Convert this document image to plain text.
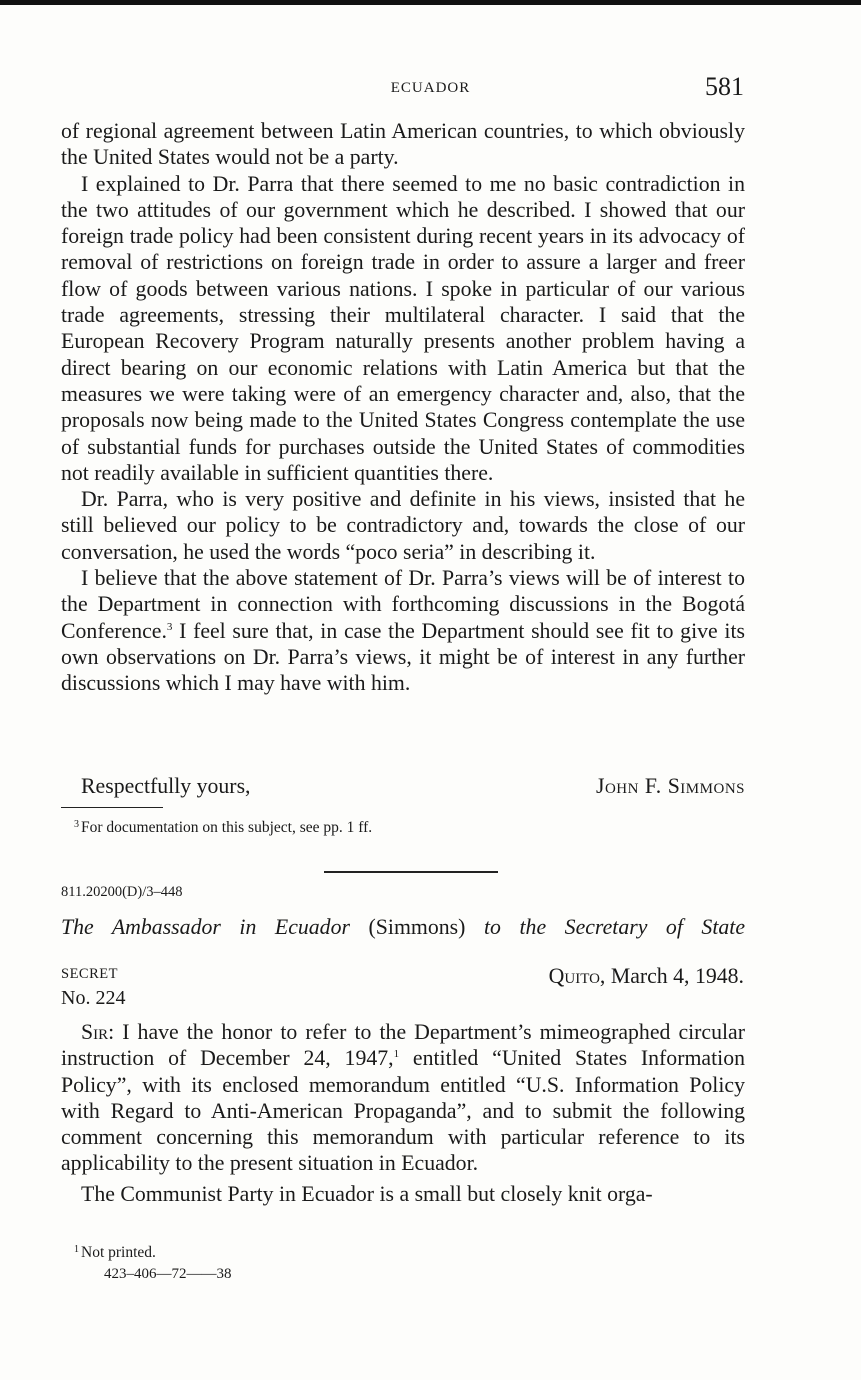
ECUADOR	581

of regional agreement between Latin American countries, to which obviously the United States would not be a party.

I explained to Dr. Parra that there seemed to me no basic contradiction in the two attitudes of our government which he described. I showed that our foreign trade policy had been consistent during recent years in its advocacy of removal of restrictions on foreign trade in order to assure a larger and freer flow of goods between various nations. I spoke in particular of our various trade agreements, stressing their multilateral character. I said that the European Recovery Program naturally presents another problem having a direct bearing on our economic relations with Latin America but that the measures we were taking were of an emergency character and, also, that the proposals now being made to the United States Congress contemplate the use of substantial funds for purchases outside the United States of commodities not readily available in sufficient quantities there.

Dr. Parra, who is very positive and definite in his views, insisted that he still believed our policy to be contradictory and, towards the close of our conversation, he used the words “poco seria” in describing it.

I believe that the above statement of Dr. Parra’s views will be of interest to the Department in connection with forthcoming discussions in the Bogotá Conference.$^3$ I feel sure that, in case the Department should see fit to give its own observations on Dr. Parra’s views, it might be of interest in any further discussions which I may have with him.

Respectfully yours,	John F. Simmons
$^3$ For documentation on this subject, see pp. 1 ff.
811.20200(D)/3–448
The Ambassador in Ecuador (Simmons) to the Secretary of State
SECRET	Quito, March 4, 1948.
No. 224

Sir: I have the honor to refer to the Department’s mimeographed circular instruction of December 24, 1947,$^1$ entitled “United States Information Policy”, with its enclosed memorandum entitled “U.S. Information Policy with Regard to Anti-American Propaganda”, and to submit the following comment concerning this memorandum with particular reference to its applicability to the present situation in Ecuador.

The Communist Party in Ecuador is a small but closely knit orga-

$^1$ Not printed.
423–406—72——38
